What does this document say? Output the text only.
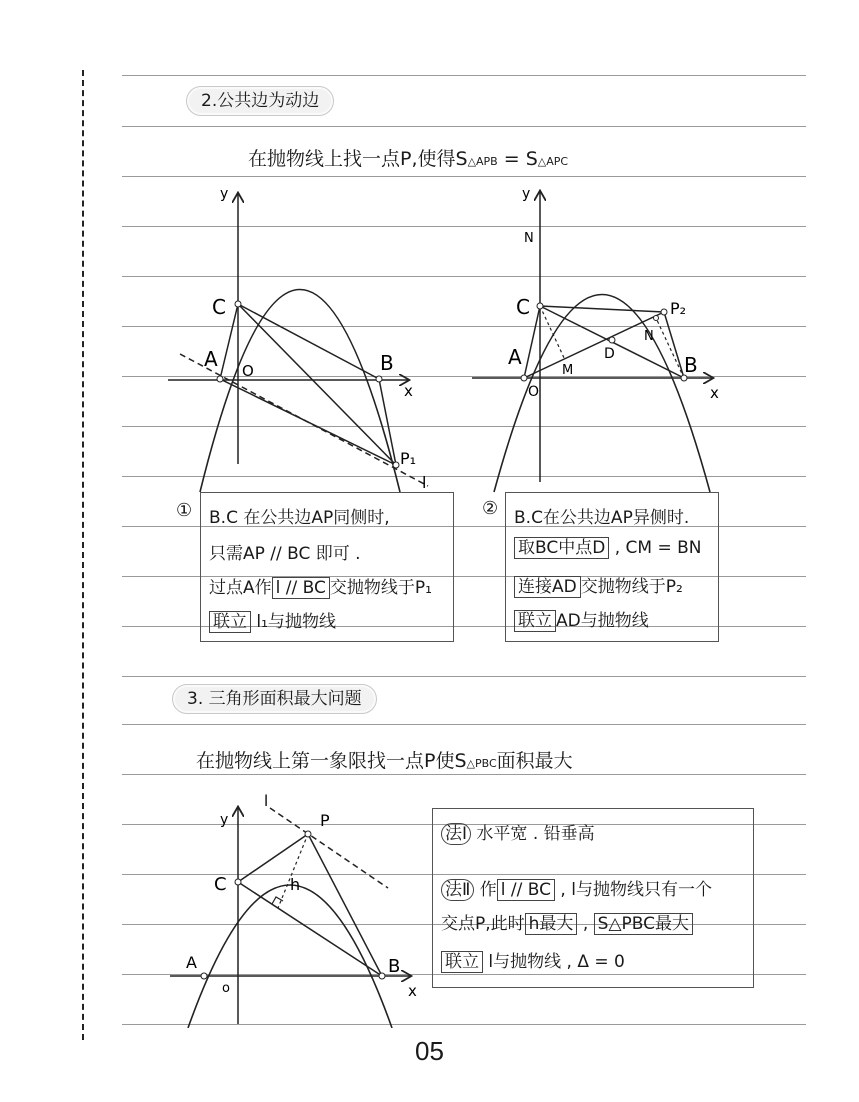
2.公共边为动边
在抛物线上找一点P,使得S△APB = S△APC
y
C
A O	B
x
P₁
l
y
N
C	P₂
A
M
D
N
B
O	x
① B.C 在公共边AP同侧时,
只需AP // BC 即可 .
过点A作 l // BC 交抛物线于P₁
联立 l₁与抛物线
② B.C在公共边AP异侧时.
取BC中点D , CM = BN
连接AD 交抛物线于P₂
联立 AD与抛物线
3. 三角形面积最大问题
在抛物线上第一象限找一点P使S△PBC面积最大
l
y	P
C	h
A	B
o	x
法Ⅰ 水平宽 . 铅垂高
法Ⅱ 作 l // BC , l与抛物线只有一个
交点P,此时 h最大 , S△PBC最大
联立 l与抛物线 , Δ = 0
05
